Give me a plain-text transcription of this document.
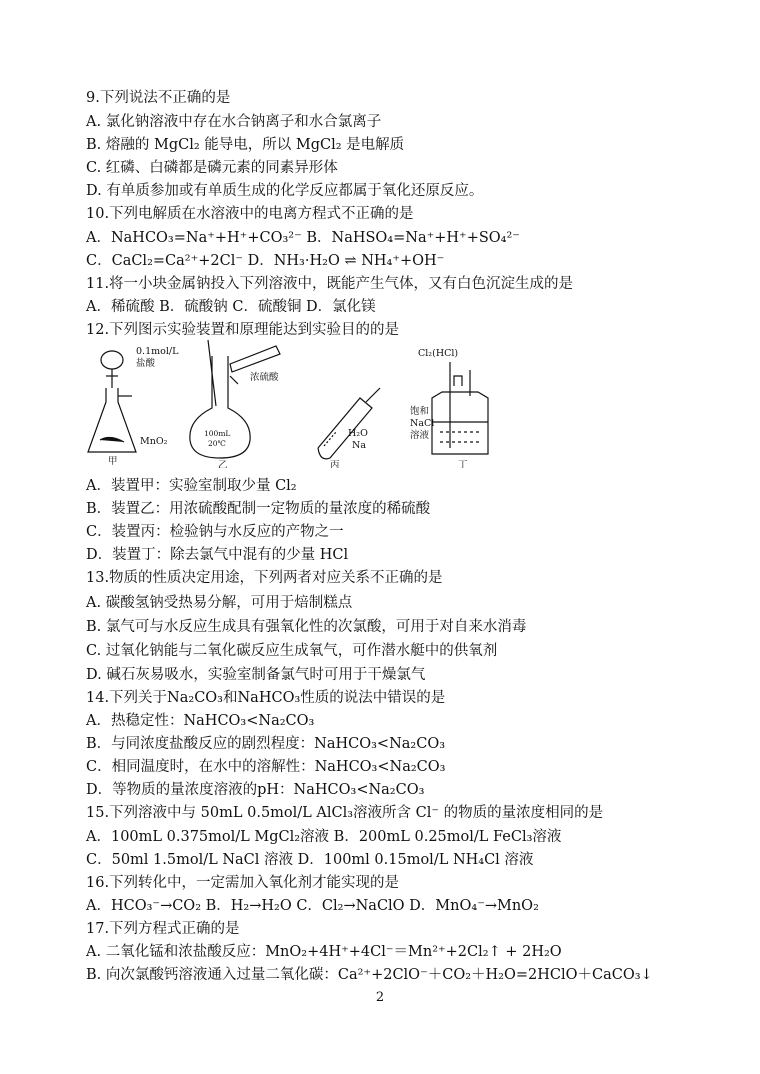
9.下列说法不正确的是
A. 氯化钠溶液中存在水合钠离子和水合氯离子
B. 熔融的 MgCl₂ 能导电，所以 MgCl₂ 是电解质
C. 红磷、白磷都是磷元素的同素异形体
D. 有单质参加或有单质生成的化学反应都属于氧化还原反应。
10.下列电解质在水溶液中的电离方程式不正确的是
A．NaHCO₃=Na⁺+H⁺+CO₃²⁻ B．NaHSO₄=Na⁺+H⁺+SO₄²⁻
C．CaCl₂=Ca²⁺+2Cl⁻ D．NH₃·H₂O ⇌ NH₄⁺+OH⁻
11.将一小块金属钠投入下列溶液中，既能产生气体，又有白色沉淀生成的是
A．稀硫酸 B．硫酸钠 C．硫酸铜 D．氯化镁
12.下列图示实验装置和原理能达到实验目的的是
0.1mol/L
盐酸
MnO₂
甲
浓硫酸
100mL
20℃
乙
H₂O
Na
丙
Cl₂(HCl)
饱和
NaCl
溶液
丁
A．装置甲：实验室制取少量 Cl₂
B．装置乙：用浓硫酸配制一定物质的量浓度的稀硫酸
C．装置丙：检验钠与水反应的产物之一
D．装置丁：除去氯气中混有的少量 HCl
13.物质的性质决定用途，下列两者对应关系不正确的是
A. 碳酸氢钠受热易分解，可用于焙制糕点
B. 氯气可与水反应生成具有强氧化性的次氯酸，可用于对自来水消毒
C. 过氧化钠能与二氧化碳反应生成氧气，可作潜水艇中的供氧剂
D. 碱石灰易吸水，实验室制备氯气时可用于干燥氯气
14.下列关于Na₂CO₃和NaHCO₃性质的说法中错误的是
A．热稳定性：NaHCO₃<Na₂CO₃
B．与同浓度盐酸反应的剧烈程度：NaHCO₃<Na₂CO₃
C．相同温度时，在水中的溶解性：NaHCO₃<Na₂CO₃
D．等物质的量浓度溶液的pH：NaHCO₃<Na₂CO₃
15.下列溶液中与 50mL 0.5mol/L AlCl₃溶液所含 Cl⁻ 的物质的量浓度相同的是
A．100mL 0.375mol/L MgCl₂溶液 B．200mL 0.25mol/L FeCl₃溶液
C．50ml 1.5mol/L NaCl 溶液 D．100ml 0.15mol/L NH₄Cl 溶液
16.下列转化中，一定需加入氧化剂才能实现的是
A．HCO₃⁻→CO₂ B．H₂→H₂O C．Cl₂→NaClO D．MnO₄⁻→MnO₂
17.下列方程式正确的是
A. 二氧化锰和浓盐酸反应：MnO₂+4H⁺+4Cl⁻＝Mn²⁺+2Cl₂↑ + 2H₂O
B. 向次氯酸钙溶液通入过量二氧化碳：Ca²⁺+2ClO⁻＋CO₂＋H₂O=2HClO＋CaCO₃↓
2
